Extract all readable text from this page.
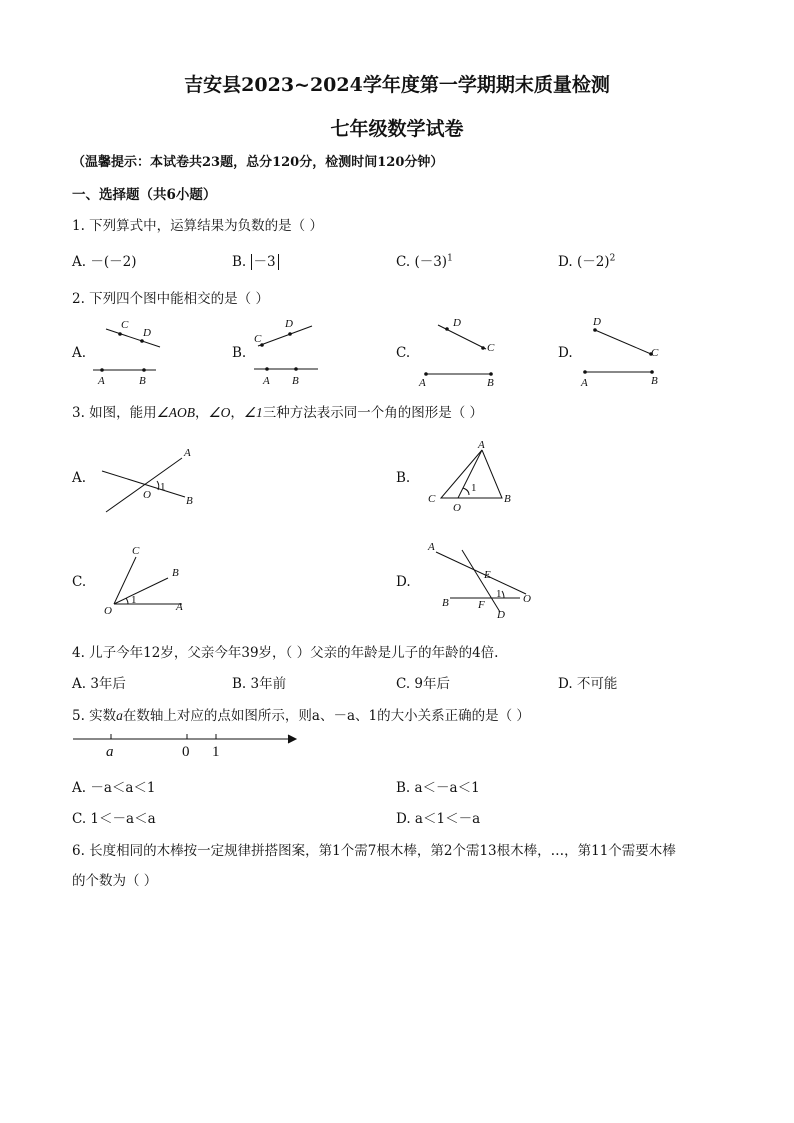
吉安县2023~2024学年度第一学期期末质量检测
七年级数学试卷
（温馨提示：本试卷共23题，总分120分，检测时间120分钟）
一、选择题（共6小题）
1. 下列算式中，运算结果为负数的是（ ）
A. －(－2)	B. －3	C. $(-3)^1$	D. $(-2)^2$
2. 下列四个图中能相交的是（ ）
A.	B.	C.	D.
C
D
A	B
C
D
A B
D
C
A	B
D
C
A	B
3. 如图，能用∠AOB，∠O，∠1三种方法表示同一个角的图形是（ ）
A.	B.
C.	D.
A
B
O
1
A
C	B
O
1
C
B
A
O
1
A
E
F
D
B	O
1
4. 儿子今年12岁，父亲今年39岁，（ ）父亲的年龄是儿子的年龄的4倍.
A. 3年后	B. 3年前	C. 9年后	D. 不可能
5. 实数a在数轴上对应的点如图所示，则a、－a、1的大小关系正确的是（ ）
a	0 1
A. －a＜a＜1	B. a＜－a＜1
C. 1＜－a＜a	D. a＜1＜－a
6. 长度相同的木棒按一定规律拼搭图案，第1个需7根木棒，第2个需13根木棒，…，第11个需要木棒
的个数为（ ）
